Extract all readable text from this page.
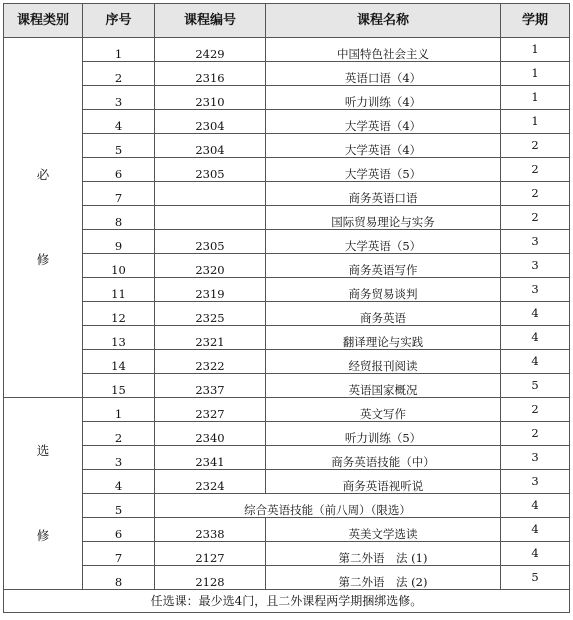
课程类别	序号	课程编号	课程名称	学期

必
修	1	2429	中国特色社会主义	1
	2	2316	英语口语（4）	1
	3	2310	听力训练（4）	1
	4	2304	大学英语（4）	1
	5	2304	大学英语（4）	2
	6	2305	大学英语（5）	2
	7		商务英语口语	2
	8		国际贸易理论与实务	2
	9	2305	大学英语（5）	3
	10	2320	商务英语写作	3
	11	2319	商务贸易谈判	3
	12	2325	商务英语	4
	13	2321	翻译理论与实践	4
	14	2322	经贸报刊阅读	4
	15	2337	英语国家概况	5

选
修	1	2327	英文写作	2
	2	2340	听力训练（5）	2
	3	2341	商务英语技能（中）	3
	4	2324	商务英语视听说	3
	5	综合英语技能（前八周）（限选）		4
	6	2338	英美文学选读	4
	7	2127	第二外语　法 (1)	4
	8	2128	第二外语　法 (2)	5
任选课：最少选4门，且二外课程两学期捆绑选修。				
